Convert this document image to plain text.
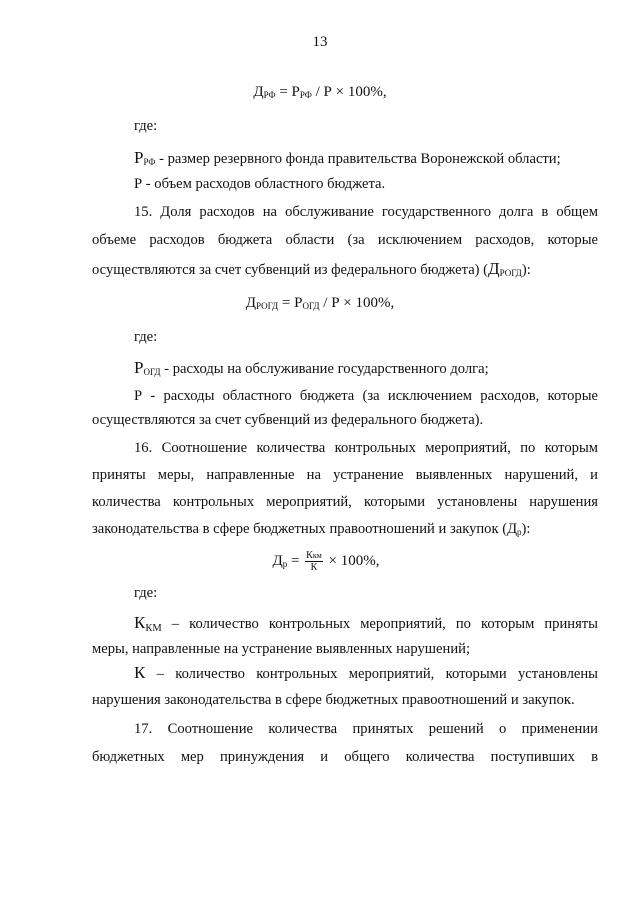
13
ДРФ = РРФ / Р × 100%,
где:
РРФ - размер резервного фонда правительства Воронежской области;
Р - объем расходов областного бюджета.
15. Доля расходов на обслуживание государственного долга в общем
объеме расходов бюджета области (за исключением расходов, которые
осуществляются за счет субвенций из федерального бюджета) (ДРОГД):
ДРОГД = РОГД / Р × 100%,
где:
РОГД - расходы на обслуживание государственного долга;
Р - расходы областного бюджета (за исключением расходов, которые
осуществляются за счет субвенций из федерального бюджета).
16. Соотношение количества контрольных мероприятий, по которым
приняты меры, направленные на устранение выявленных нарушений, и
количества контрольных мероприятий, которыми установлены нарушения
законодательства в сфере бюджетных правоотношений и закупок (Др):
Др = $\frac{\text{Ккм}}{К} \times 100\%$,
где:
$К_{КМ}$ – количество контрольных мероприятий, по которым приняты
меры, направленные на устранение выявленных нарушений;
К – количество контрольных мероприятий, которыми установлены
нарушения законодательства в сфере бюджетных правоотношений и закупок.
17. Соотношение количества принятых решений о применении
бюджетных мер принуждения и общего количества поступивших в
